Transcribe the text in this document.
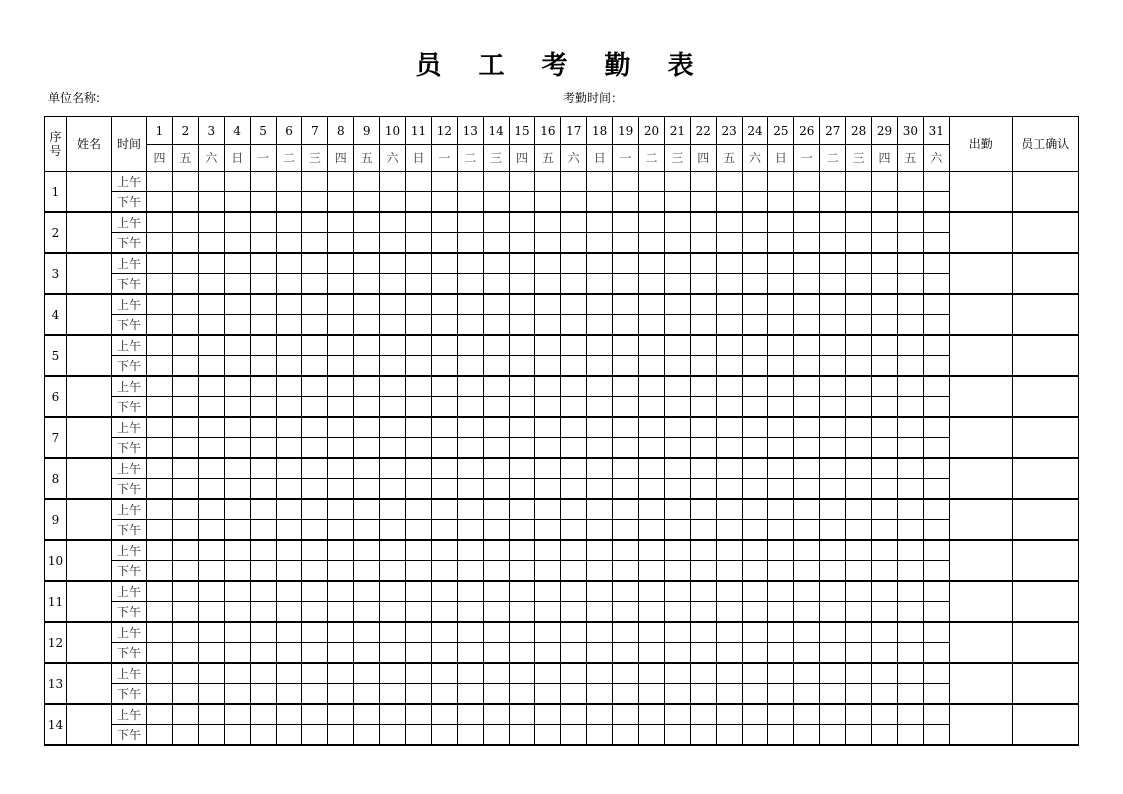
员 工 考 勤 表
单位名称:	考勤时间：
序
号	姓名	时间	1	2	3	4	5	6	7	8	9	10	11	12	13	14	15	16	17	18	19	20	21	22	23	24	25	26	27	28	29	30	31	出勤	员工确认
			四	五	六	日	一	二	三	四	五	六	日	一	二	三	四	五	六	日	一	二	三	四	五	六	日	一	二	三	四	五	六		
1		上午																																	
		下午																																	
2		上午																																	
		下午																																	
3		上午																																	
		下午																																	
4		上午																																	
		下午																																	
5		上午																																	
		下午																																	
6		上午																																	
		下午																																	
7		上午																																	
		下午																																	
8		上午																																	
		下午																																	
9		上午																																	
		下午																																	
10		上午																																	
		下午																																	
11		上午																																	
		下午																																	
12		上午																																	
		下午																																	
13		上午																																	
		下午																																	
14		上午																																	
		下午																																	
